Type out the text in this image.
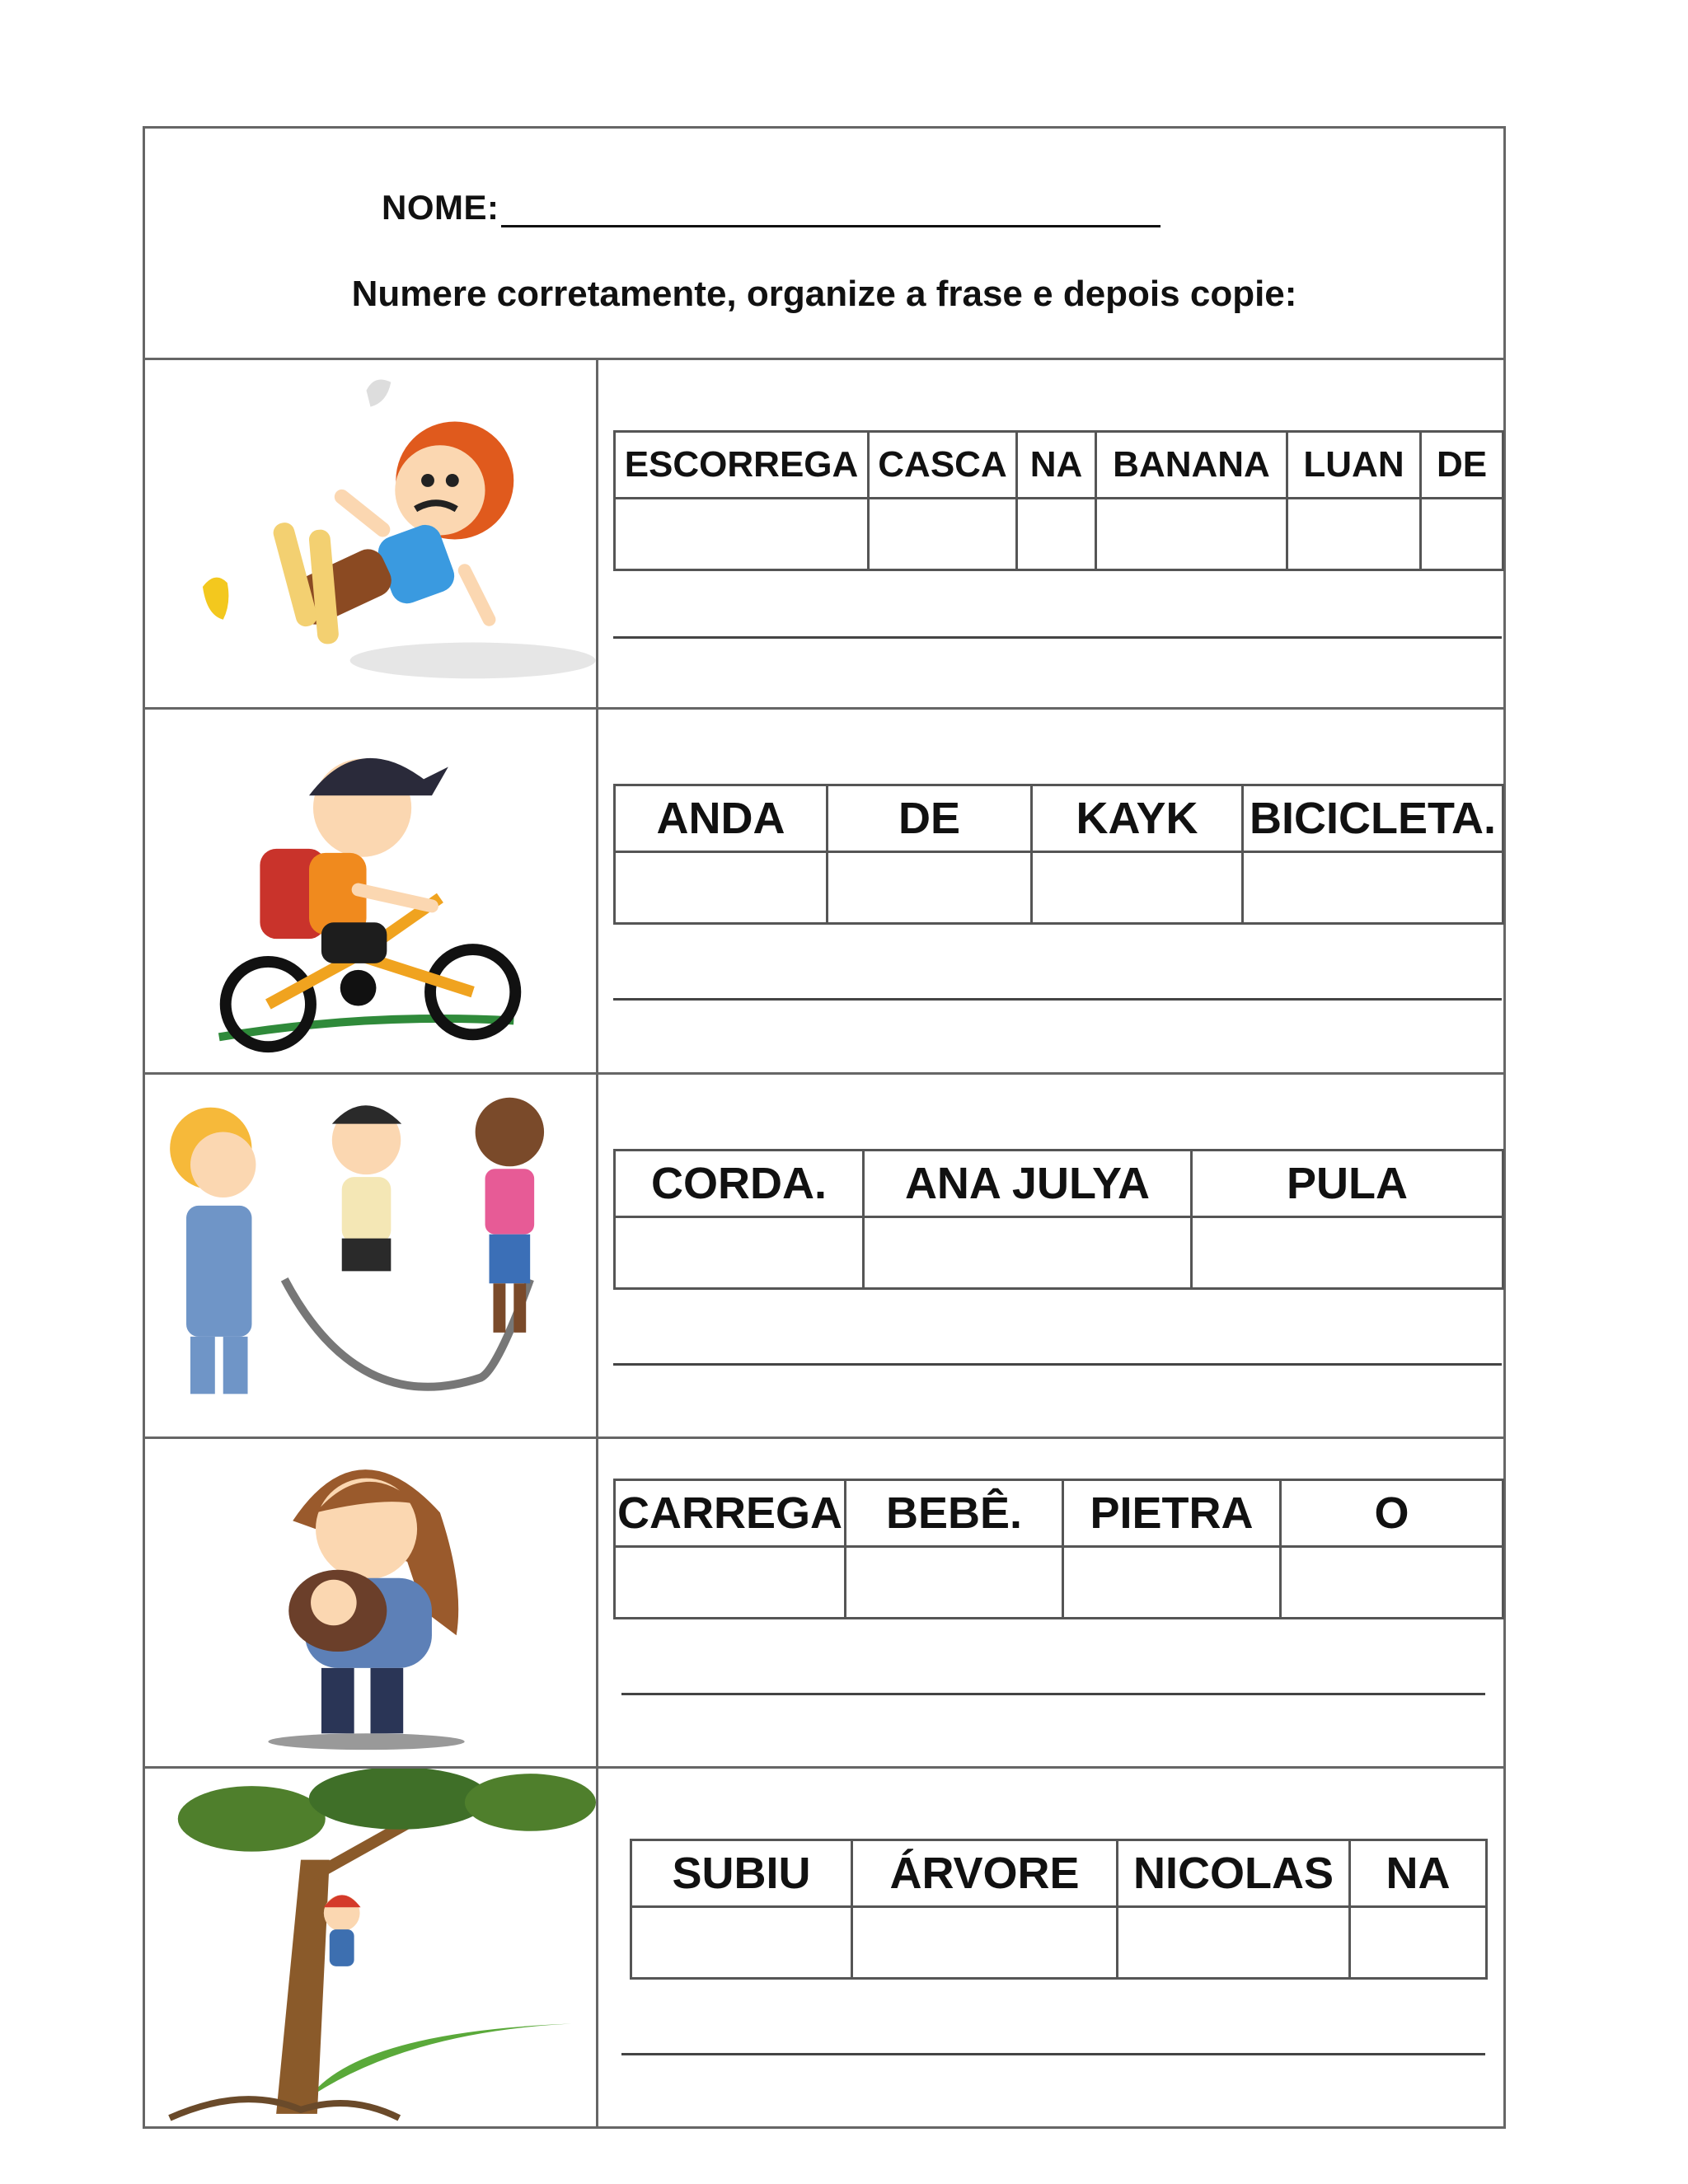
NOME:
Numere corretamente, organize a frase e depois copie:
ESCORREGA	CASCA	NA	BANANA	LUAN	DE

ANDA	DE	KAYK	BICICLETA.

CORDA.	ANA JULYA	PULA

CARREGA	BEBÊ.	PIETRA	O

SUBIU	ÁRVORE	NICOLAS	NA
